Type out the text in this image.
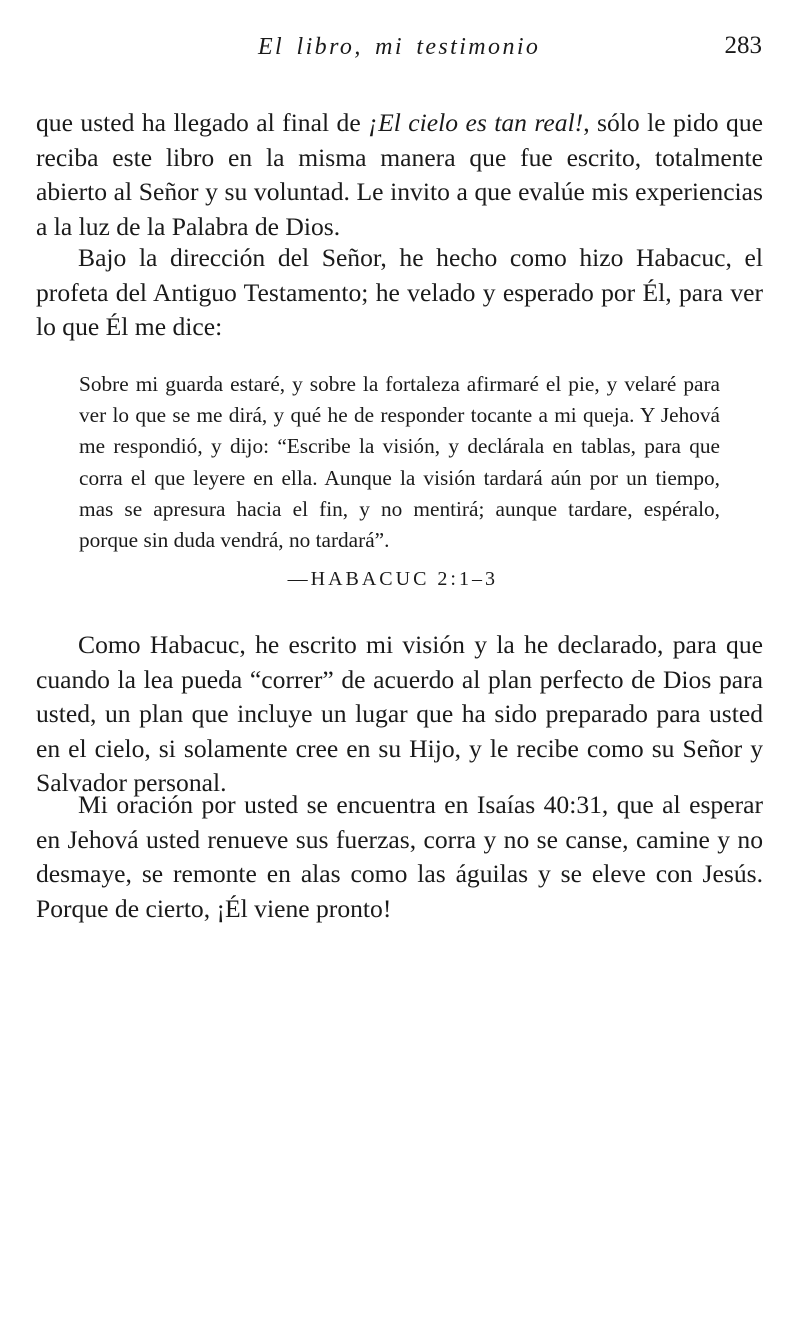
El libro, mi testimonio	283

que usted ha llegado al final de ¡El cielo es tan real!, sólo le pido que reciba este libro en la misma manera que fue escrito, totalmente abierto al Señor y su voluntad. Le invito a que evalúe mis experiencias a la luz de la Palabra de Dios.

Bajo la dirección del Señor, he hecho como hizo Habacuc, el profeta del Antiguo Testamento; he velado y esperado por Él, para ver lo que Él me dice:

Sobre mi guarda estaré, y sobre la fortaleza afirmaré el pie, y velaré para ver lo que se me dirá, y qué he de responder tocante a mi queja. Y Jehová me respondió, y dijo: “Escribe la visión, y declárala en tablas, para que corra el que leyere en ella. Aunque la visión tardará aún por un tiempo, mas se apresura hacia el fin, y no mentirá; aunque tardare, espéralo, porque sin duda vendrá, no tardará”.

—HABACUC 2:1–3

Como Habacuc, he escrito mi visión y la he declarado, para que cuando la lea pueda “correr” de acuerdo al plan perfecto de Dios para usted, un plan que incluye un lugar que ha sido preparado para usted en el cielo, si solamente cree en su Hijo, y le recibe como su Señor y Salvador personal.

Mi oración por usted se encuentra en Isaías 40:31, que al esperar en Jehová usted renueve sus fuerzas, corra y no se canse, camine y no desmaye, se remonte en alas como las águilas y se eleve con Jesús. Porque de cierto, ¡Él viene pronto!
